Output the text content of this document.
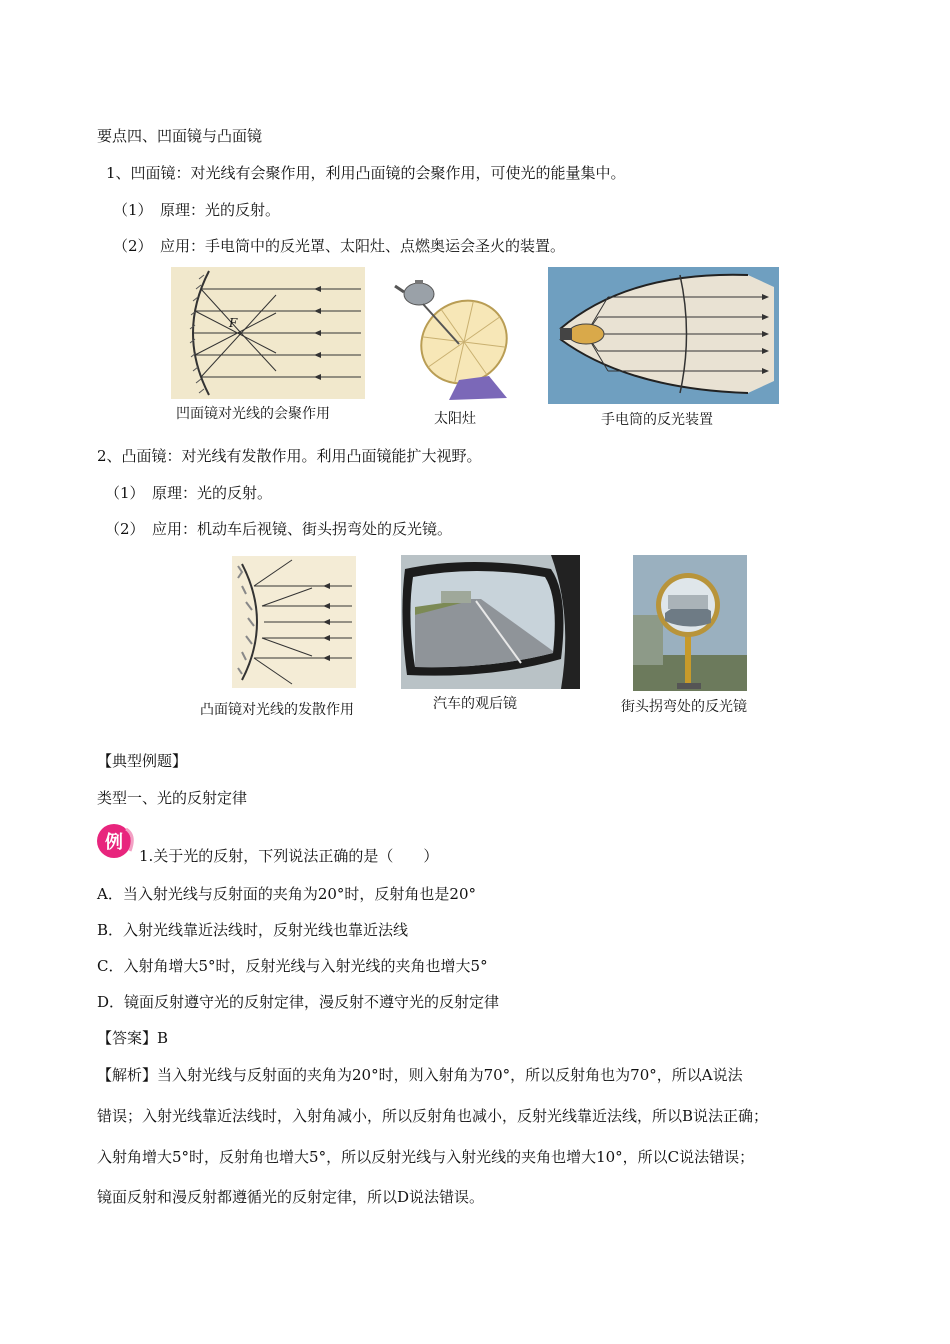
要点四、凹面镜与凸面镜
1、凹面镜：对光线有会聚作用，利用凸面镜的会聚作用，可使光的能量集中。
（1）　原理：光的反射。
（2）　应用：手电筒中的反光罩、太阳灶、点燃奥运会圣火的装置。
F
凹面镜对光线的会聚作用	太阳灶	手电筒的反光装置
2、凸面镜：对光线有发散作用。利用凸面镜能扩大视野。
（1）　原理：光的反射。
（2）　应用：机动车后视镜、街头拐弯处的反光镜。
凸面镜对光线的发散作用	汽车的观后镜	街头拐弯处的反光镜
【典型例题】
类型一、光的反射定律
例
1.关于光的反射，下列说法正确的是（　　）
A．当入射光线与反射面的夹角为20°时，反射角也是20°
B．入射光线靠近法线时，反射光线也靠近法线
C．入射角增大5°时，反射光线与入射光线的夹角也增大5°
D．镜面反射遵守光的反射定律，漫反射不遵守光的反射定律
【答案】B
【解析】当入射光线与反射面的夹角为20°时，则入射角为70°，所以反射角也为70°，所以A说法
错误；入射光线靠近法线时，入射角减小，所以反射角也减小，反射光线靠近法线，所以B说法正确；
入射角增大5°时，反射角也增大5°，所以反射光线与入射光线的夹角也增大10°，所以C说法错误；
镜面反射和漫反射都遵循光的反射定律，所以D说法错误。
